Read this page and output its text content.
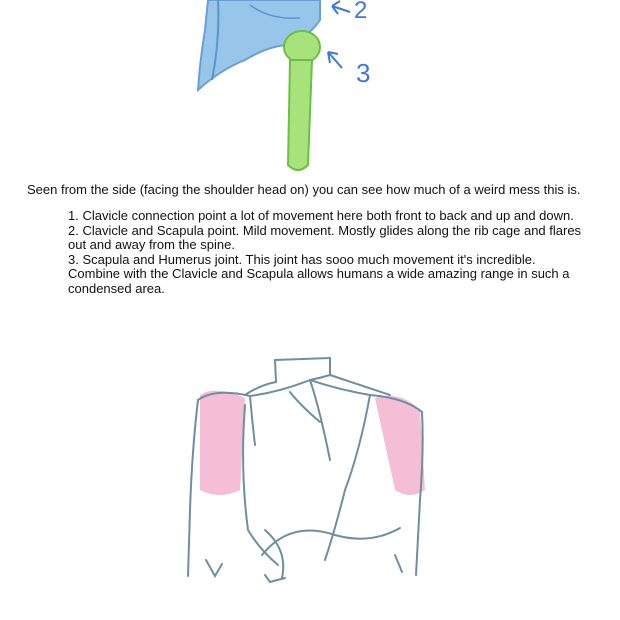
2
3
Seen from the side (facing the shoulder head on) you can see how much of a weird mess this is.

1. Clavicle connection point a lot of movement here both front to back and up and down.

2. Clavicle and Scapula point. Mild movement. Mostly glides along the rib cage and flares out and away from the spine.

3. Scapula and Humerus joint. This joint has sooo much movement it's incredible. Combine with the Clavicle and Scapula allows humans a wide amazing range in such a condensed area.
